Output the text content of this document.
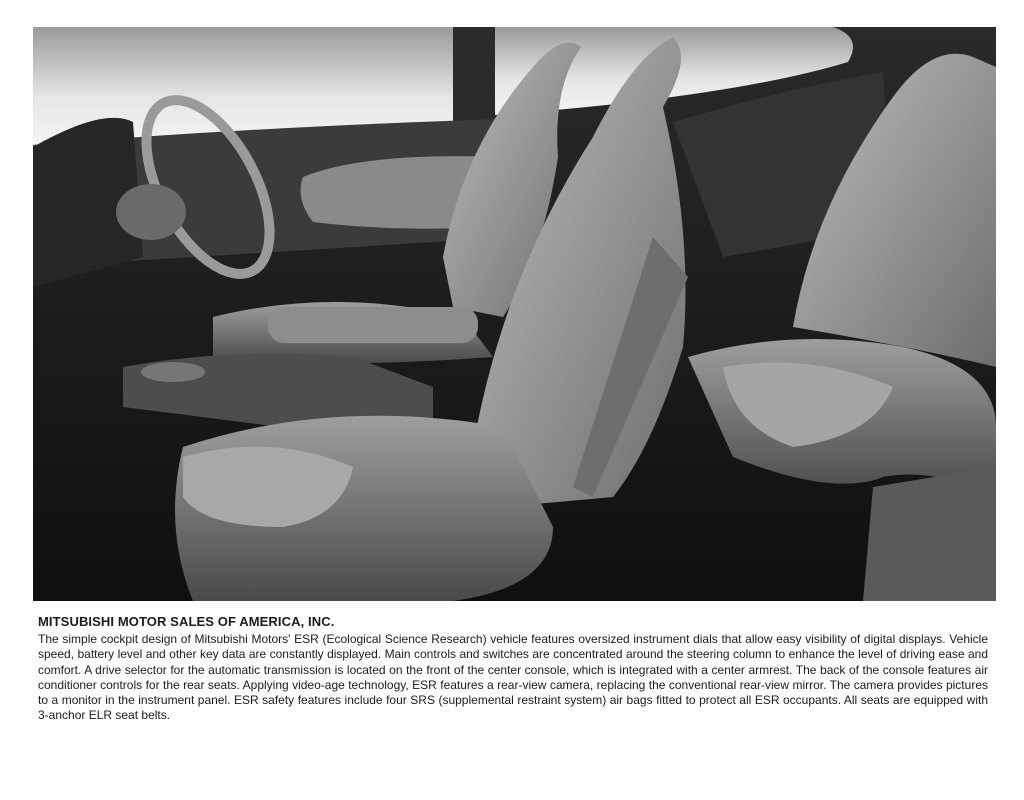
MITSUBISHI MOTOR SALES OF AMERICA, INC.

The simple cockpit design of Mitsubishi Motors' ESR (Ecological Science Research) vehicle features oversized instrument dials that allow easy visibility of digital displays. Vehicle speed, battery level and other key data are constantly displayed. Main controls and switches are concentrated around the steering column to enhance the level of driving ease and comfort. A drive selector for the automatic transmission is located on the front of the center console, which is integrated with a center armrest. The back of the console features air conditioner controls for the rear seats. Applying video-age technology, ESR features a rear-view camera, replacing the conventional rear-view mirror. The camera provides pictures to a monitor in the instrument panel. ESR safety features include four SRS (supplemental restraint system) air bags fitted to protect all ESR occupants. All seats are equipped with 3-anchor ELR seat belts.
